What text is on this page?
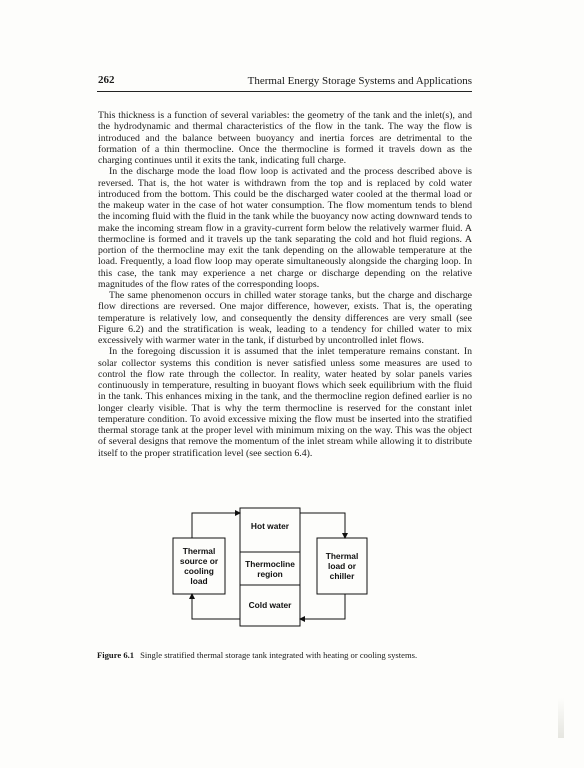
262	Thermal Energy Storage Systems and Applications

This thickness is a function of several variables: the geometry of the tank and the inlet(s), and the hydrodynamic and thermal characteristics of the flow in the tank. The way the flow is introduced and the balance between buoyancy and inertia forces are detrimental to the formation of a thin thermocline. Once the thermocline is formed it travels down as the charging continues until it exits the tank, indicating full charge.

In the discharge mode the load flow loop is activated and the process described above is reversed. That is, the hot water is withdrawn from the top and is replaced by cold water introduced from the bottom. This could be the discharged water cooled at the thermal load or the makeup water in the case of hot water consumption. The flow momentum tends to blend the incoming fluid with the fluid in the tank while the buoyancy now acting downward tends to make the incoming stream flow in a gravity-current form below the relatively warmer fluid. A thermocline is formed and it travels up the tank separating the cold and hot fluid regions. A portion of the thermocline may exit the tank depending on the allowable temperature at the load. Frequently, a load flow loop may operate simultaneously alongside the charging loop. In this case, the tank may experience a net charge or discharge depending on the relative magnitudes of the flow rates of the corresponding loops.

The same phenomenon occurs in chilled water storage tanks, but the charge and discharge flow directions are reversed. One major difference, however, exists. That is, the operating temperature is relatively low, and consequently the density differences are very small (see Figure 6.2) and the stratification is weak, leading to a tendency for chilled water to mix excessively with warmer water in the tank, if disturbed by uncontrolled inlet flows.

In the foregoing discussion it is assumed that the inlet temperature remains constant. In solar collector systems this condition is never satisfied unless some measures are used to control the flow rate through the collector. In reality, water heated by solar panels varies continuously in temperature, resulting in buoyant flows which seek equilibrium with the fluid in the tank. This enhances mixing in the tank, and the thermocline region defined earlier is no longer clearly visible. That is why the term thermocline is reserved for the constant inlet temperature condition. To avoid excessive mixing the flow must be inserted into the stratified thermal storage tank at the proper level with minimum mixing on the way. This was the object of several designs that remove the momentum of the inlet stream while allowing it to distribute itself to the proper stratification level (see section 6.4).

Thermal
source or
cooling
load
Hot water
Thermocline
region
Cold water
Thermal
load or
chiller
Figure 6.1 Single stratified thermal storage tank integrated with heating or cooling systems.
